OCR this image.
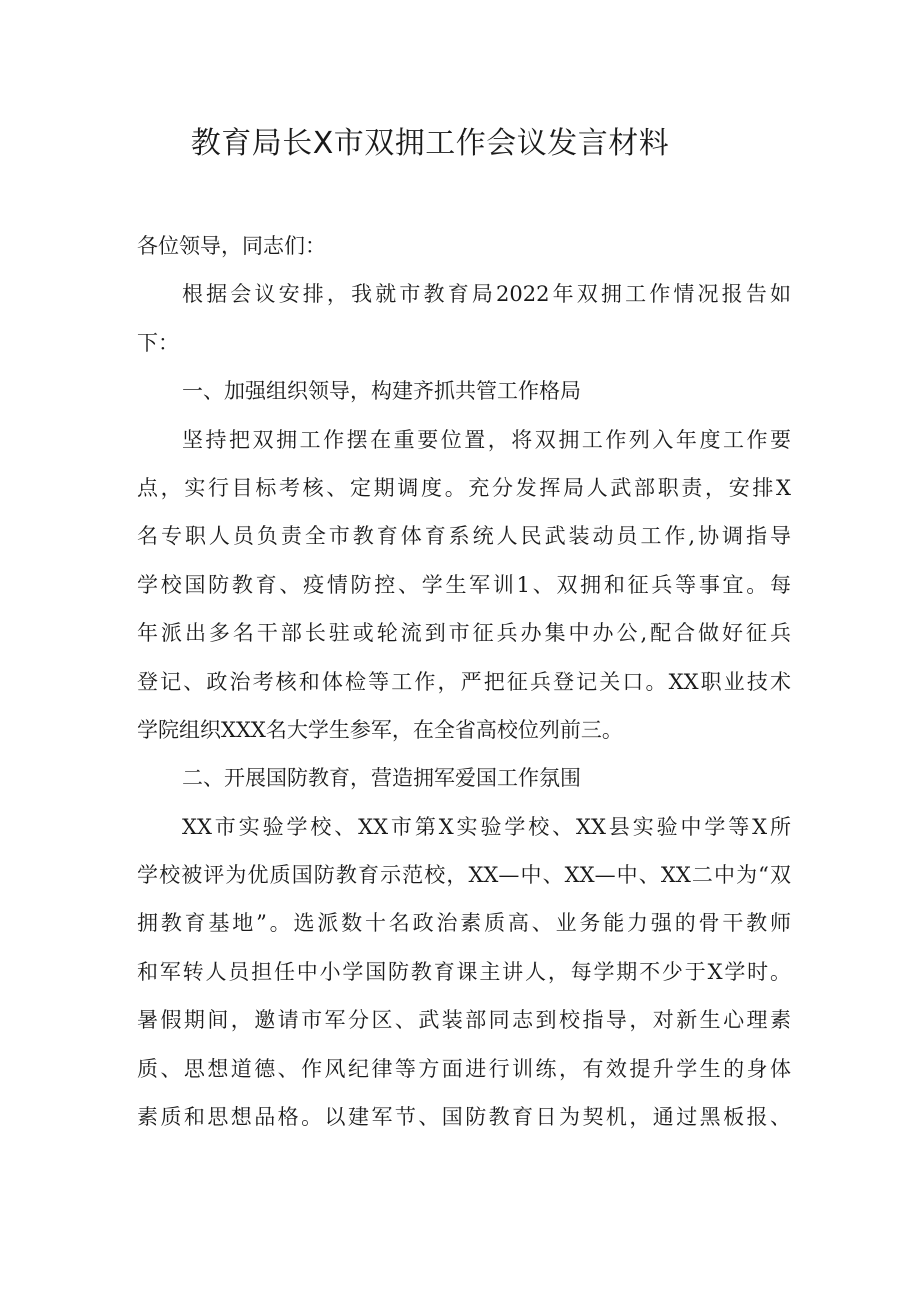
教育局长X市双拥工作会议发言材料

各位领导，同志们：

根据会议安排，我就市教育局2022年双拥工作情况报告如

下：

一、加强组织领导，构建齐抓共管工作格局

坚持把双拥工作摆在重要位置，将双拥工作列入年度工作要

点，实行目标考核、定期调度。充分发挥局人武部职责，安排X

名专职人员负责全市教育体育系统人民武装动员工作,协调指导

学校国防教育、疫情防控、学生军训1、双拥和征兵等事宜。每

年派出多名干部长驻或轮流到市征兵办集中办公,配合做好征兵

登记、政治考核和体检等工作，严把征兵登记关口。XX职业技术

学院组织XXX名大学生参军，在全省高校位列前三。

二、开展国防教育，营造拥军爱国工作氛围

XX市实验学校、XX市第X实验学校、XX县实验中学等X所

学校被评为优质国防教育示范校，XX—中、XX—中、XX二中为“双

拥教育基地”。选派数十名政治素质高、业务能力强的骨干教师

和军转人员担任中小学国防教育课主讲人，每学期不少于X学时。

暑假期间，邀请市军分区、武装部同志到校指导，对新生心理素

质、思想道德、作风纪律等方面进行训练，有效提升学生的身体

素质和思想品格。以建军节、国防教育日为契机，通过黑板报、
